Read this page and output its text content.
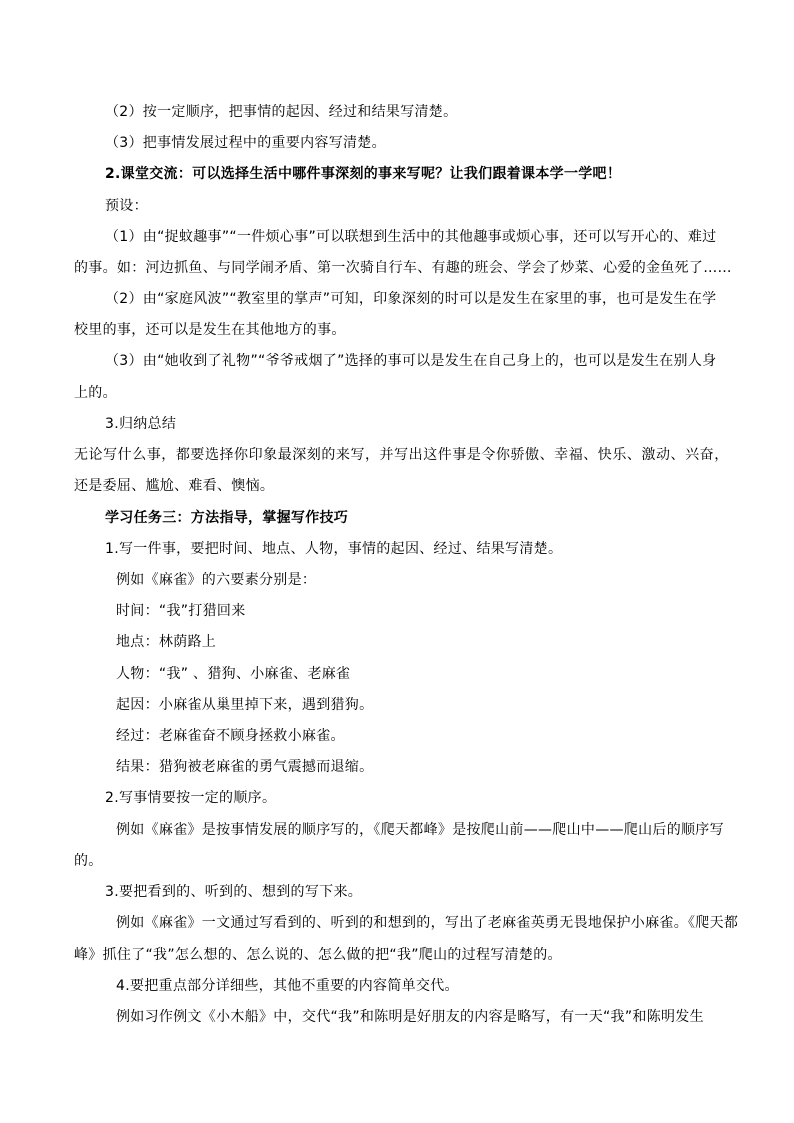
（2）按一定顺序，把事情的起因、经过和结果写清楚。
（3）把事情发展过程中的重要内容写清楚。
2.课堂交流：可以选择生活中哪件事深刻的事来写呢？让我们跟着课本学一学吧！
预设：
（1）由“捉蚊趣事”“一件烦心事”可以联想到生活中的其他趣事或烦心事，还可以写开心的、难过
的事。如：河边抓鱼、与同学闹矛盾、第一次骑自行车、有趣的班会、学会了炒菜、心爱的金鱼死了……
（2）由“家庭风波”“教室里的掌声”可知，印象深刻的时可以是发生在家里的事，也可是发生在学
校里的事，还可以是发生在其他地方的事。
（3）由“她收到了礼物”“爷爷戒烟了”选择的事可以是发生在自己身上的，也可以是发生在别人身
上的。
3.归纳总结
无论写什么事，都要选择你印象最深刻的来写，并写出这件事是令你骄傲、幸福、快乐、激动、兴奋，
还是委屈、尴尬、难看、懊恼。
学习任务三：方法指导，掌握写作技巧
1.写一件事，要把时间、地点、人物，事情的起因、经过、结果写清楚。
例如《麻雀》的六要素分别是：
时间：“我”打猎回来
地点：林荫路上
人物：“我” 、猎狗、小麻雀、老麻雀
起因：小麻雀从巢里掉下来，遇到猎狗。
经过：老麻雀奋不顾身拯救小麻雀。
结果：猎狗被老麻雀的勇气震撼而退缩。
2.写事情要按一定的顺序。
例如《麻雀》是按事情发展的顺序写的，《爬天都峰》是按爬山前——爬山中——爬山后的顺序写
的。
3.要把看到的、听到的、想到的写下来。
例如《麻雀》一文通过写看到的、听到的和想到的，写出了老麻雀英勇无畏地保护小麻雀。《爬天都
峰》抓住了“我”怎么想的、怎么说的、怎么做的把“我”爬山的过程写清楚的。
4.要把重点部分详细些，其他不重要的内容简单交代。
例如习作例文《小木船》中，交代“我”和陈明是好朋友的内容是略写，有一天“我”和陈明发生
